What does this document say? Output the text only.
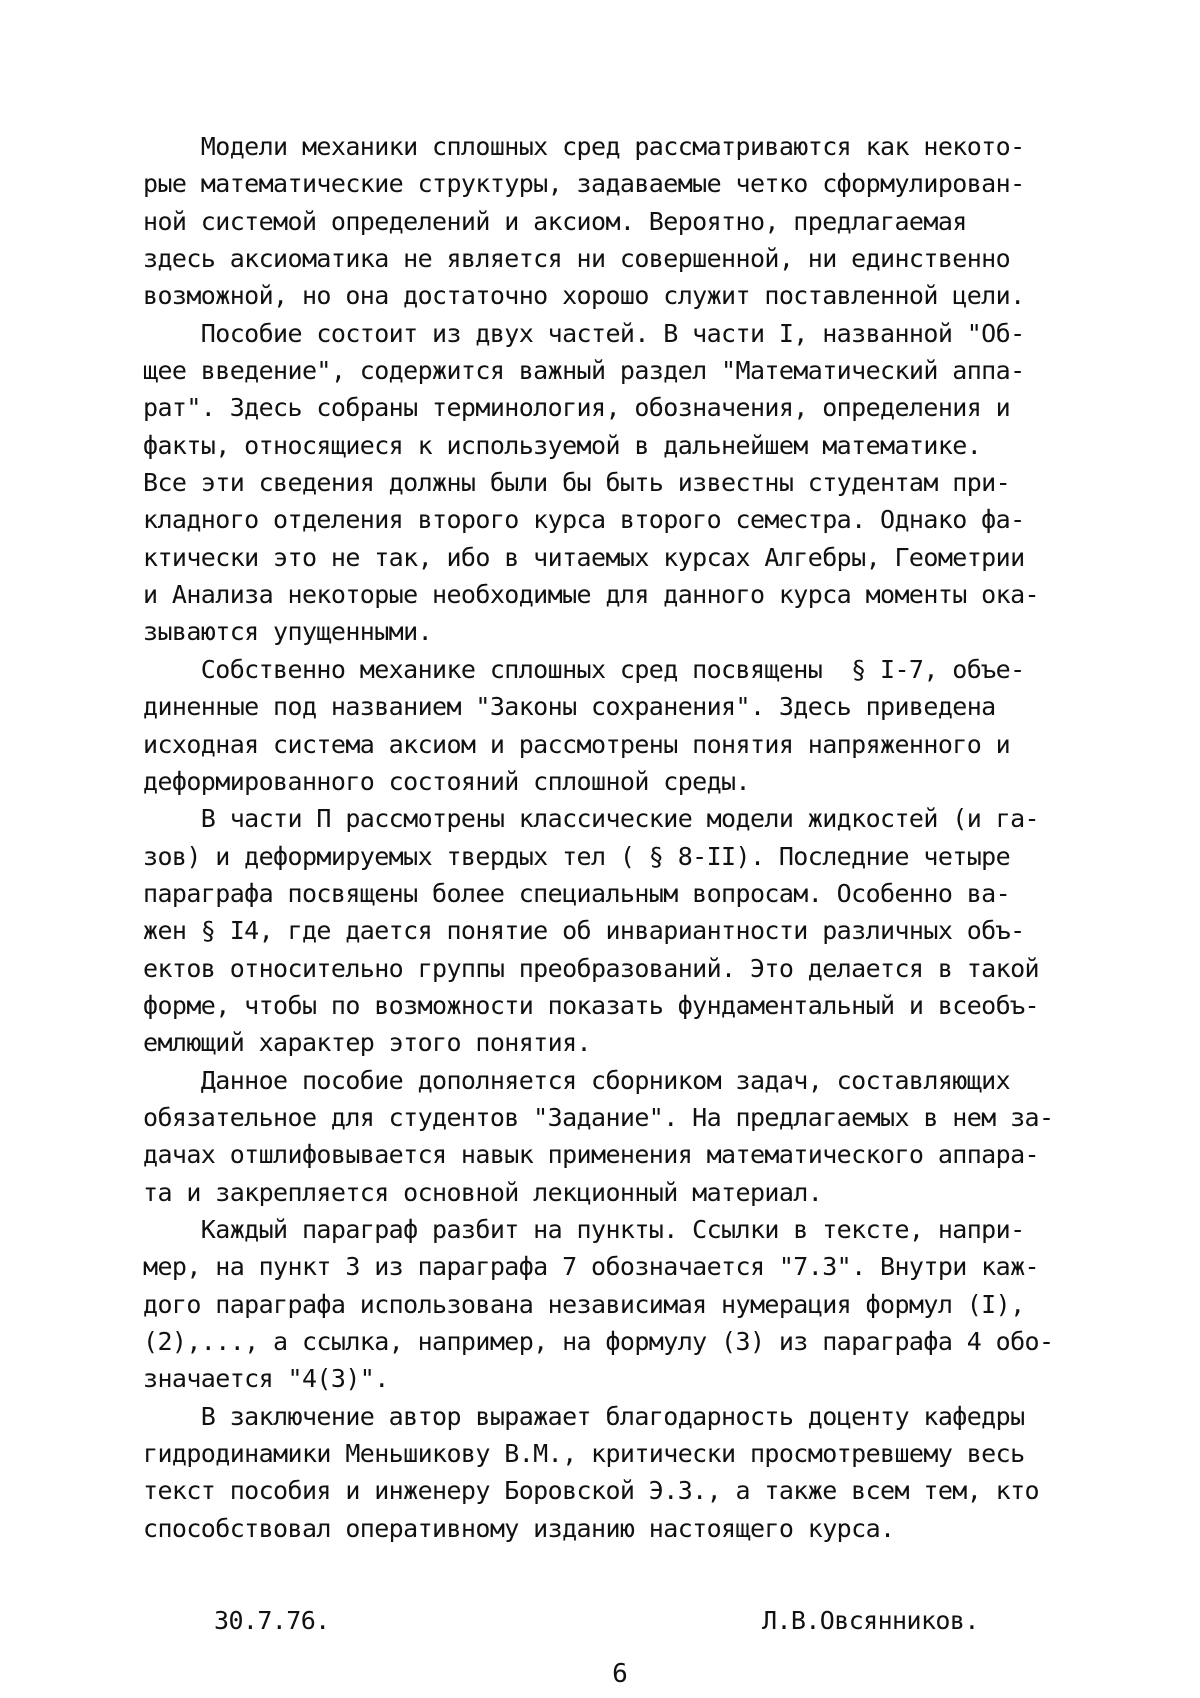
Модели механики сплошных сред рассматриваются как некото-
рые математические структуры, задаваемые четко сформулирован-
ной системой определений и аксиом. Вероятно, предлагаемая
здесь аксиоматика не является ни совершенной, ни единственно
возможной, но она достаточно хорошо служит поставленной цели.
Пособие состоит из двух частей. В части I, названной "Об-
щее введение", содержится важный раздел "Математический аппа-
рат". Здесь собраны терминология, обозначения, определения и
факты, относящиеся к используемой в дальнейшем математике.
Все эти сведения должны были бы быть известны студентам при-
кладного отделения второго курса второго семестра. Однако фа-
ктически это не так, ибо в читаемых курсах Алгебры, Геометрии
и Анализа некоторые необходимые для данного курса моменты ока-
зываются упущенными.
Собственно механике сплошных сред посвящены  § I-7, объе-
диненные под названием "Законы сохранения". Здесь приведена
исходная система аксиом и рассмотрены понятия напряженного и
деформированного состояний сплошной среды.
В части П рассмотрены классические модели жидкостей (и га-
зов) и деформируемых твердых тел ( § 8-II). Последние четыре
параграфа посвящены более специальным вопросам. Особенно ва-
жен § I4, где дается понятие об инвариантности различных объ-
ектов относительно группы преобразований. Это делается в такой
форме, чтобы по возможности показать фундаментальный и всеобъ-
емлющий характер этого понятия.
Данное пособие дополняется сборником задач, составляющих
обязательное для студентов "Задание". На предлагаемых в нем за-
дачах отшлифовывается навык применения математического аппара-
та и закрепляется основной лекционный материал.
Каждый параграф разбит на пункты. Ссылки в тексте, напри-
мер, на пункт 3 из параграфа 7 обозначается "7.3". Внутри каж-
дого параграфа использована независимая нумерация формул (I),
(2),..., а ссылка, например, на формулу (3) из параграфа 4 обо-
значается "4(3)".
В заключение автор выражает благодарность доценту кафедры
гидродинамики Меньшикову В.М., критически просмотревшему весь
текст пособия и инженеру Боровской Э.З., а также всем тем, кто
способствовал оперативному изданию настоящего курса.
30.7.76.	Л.В.Овсянников.
6
